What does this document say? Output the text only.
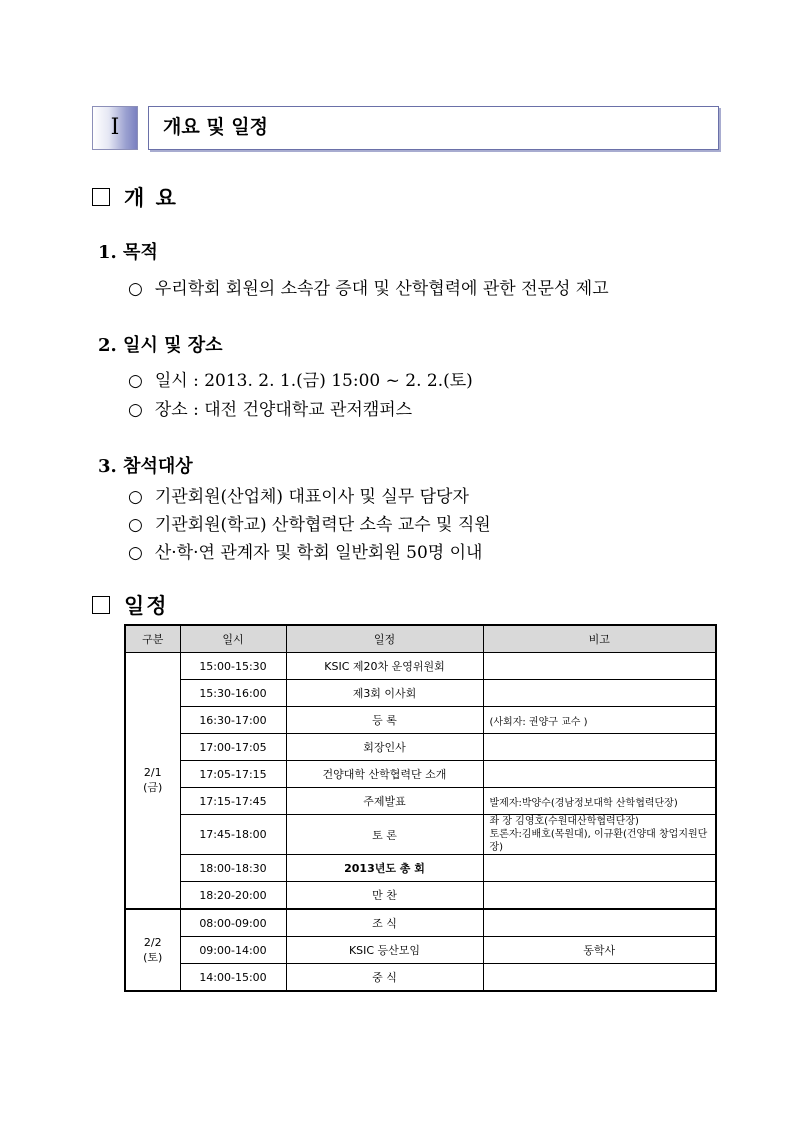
I	개요 및 일정
개 요
1. 목적
○ 우리학회 회원의 소속감 증대 및 산학협력에 관한 전문성 제고
2. 일시 및 장소
○ 일시 : 2013. 2. 1.(금) 15:00 ~ 2. 2.(토)
○ 장소 : 대전 건양대학교 관저캠퍼스
3. 참석대상
○ 기관회원(산업체) 대표이사 및 실무 담당자
○ 기관회원(학교) 산학협력단 소속 교수 및 직원
○ 산·학·연 관계자 및 학회 일반회원 50명 이내
일정
구분	일시	일정	비고
2/1
(금)	15:00-15:30	KSIC 제20차 운영위원회	
	15:30-16:00	제3회 이사회	
	16:30-17:00	등 록	(사회자: 권양구 교수 )
	17:00-17:05	회장인사	
	17:05-17:15	건양대학 산학협력단 소개	
	17:15-17:45	주제발표	발제자:박양수(경남정보대학 산학협력단장)
	17:45-18:00	토 론	좌 장 김영호(수원대산학협력단장)
토론자:김배호(목원대), 이규환(건양대 창업지원단장)
	18:00-18:30	2013년도 총 회	
	18:20-20:00	만 찬	
2/2
(토)	08:00-09:00	조 식	
	09:00-14:00	KSIC 등산모임	동학사
	14:00-15:00	중 식	
